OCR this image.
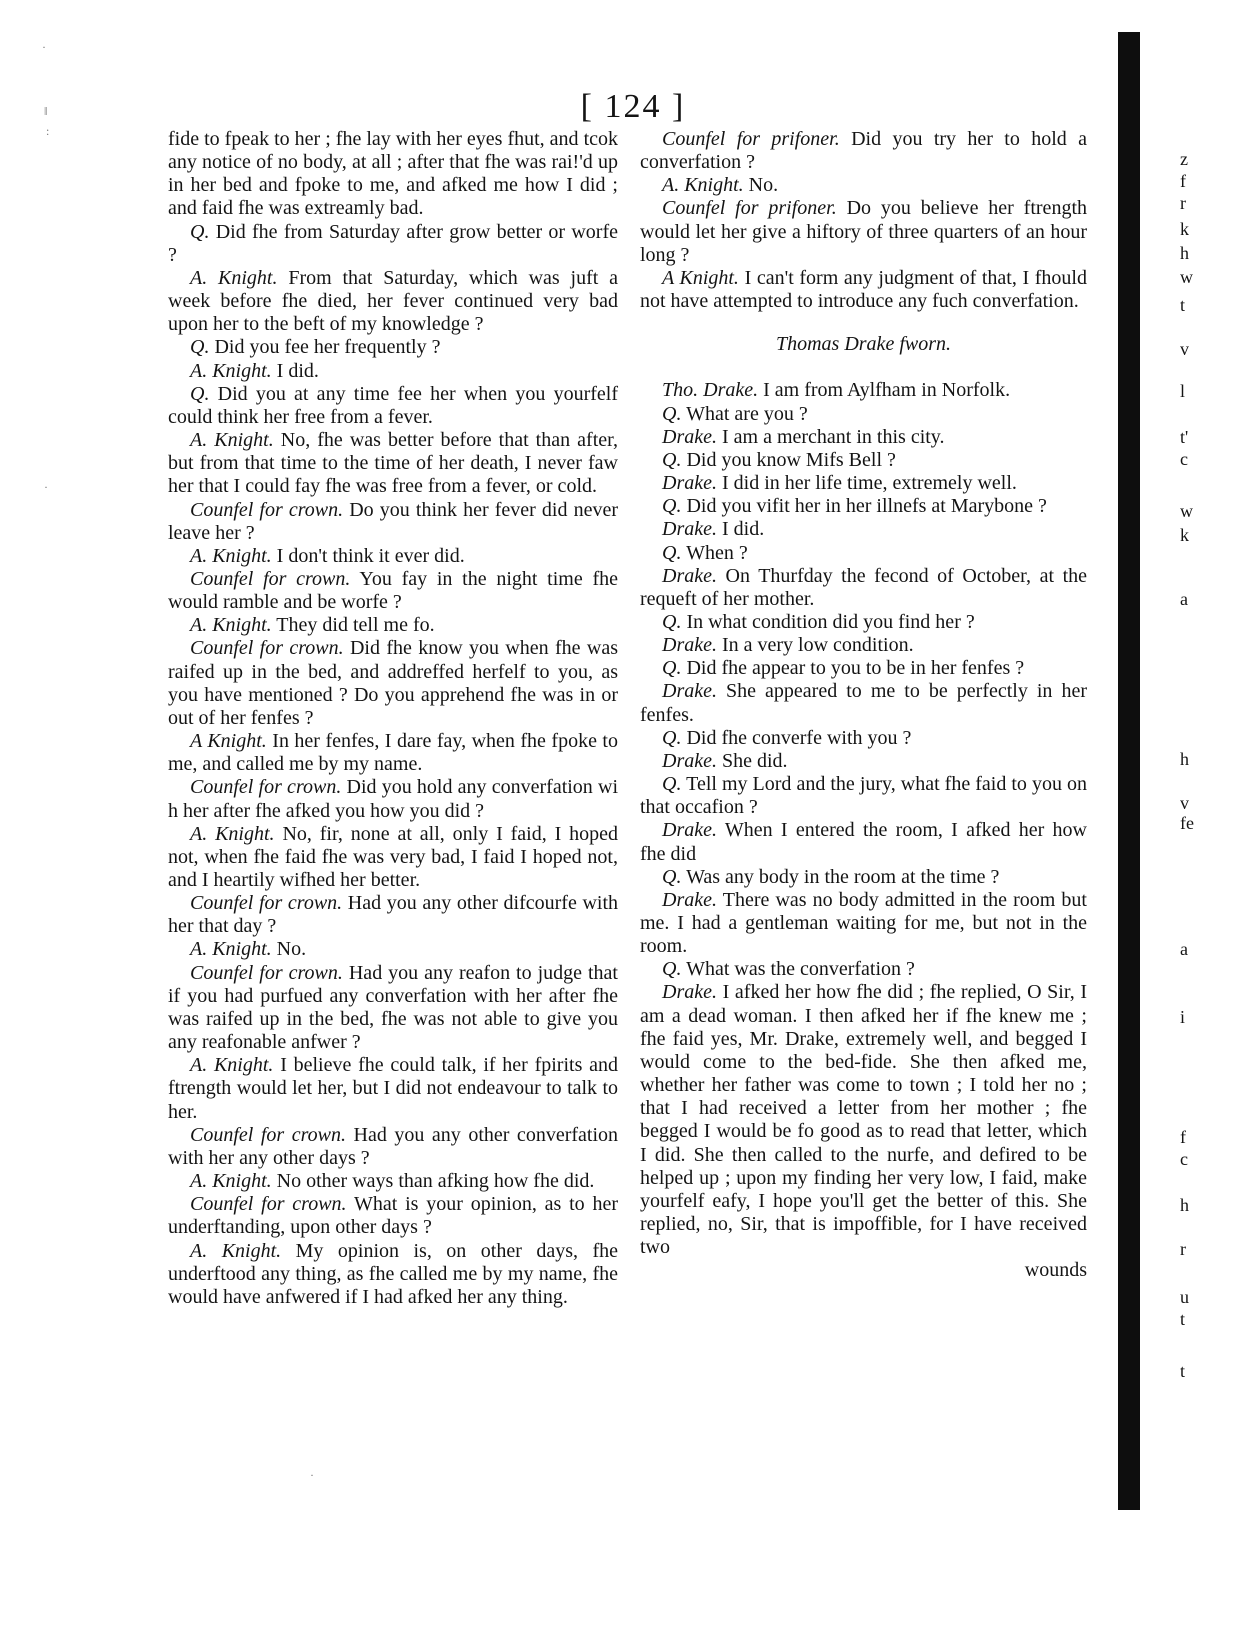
[ 124 ]

fide to fpeak to her ; fhe lay with her eyes fhut, and tcok any notice of no body, at all ; after that fhe was rai!'d up in her bed and fpoke to me, and afked me how I did ; and faid fhe was extreamly bad.

Q. Did fhe from Saturday after grow better or worfe ?

A. Knight. From that Saturday, which was juft a week before fhe died, her fever continued very bad upon her to the beft of my knowledge ?

Q. Did you fee her frequently ?

A. Knight. I did.

Q. Did you at any time fee her when you yourfelf could think her free from a fever.

A. Knight. No, fhe was better before that than after, but from that time to the time of her death, I never faw her that I could fay fhe was free from a fever, or cold.

Counfel for crown. Do you think her fever did never leave her ?

A. Knight. I don't think it ever did.

Counfel for crown. You fay in the night time fhe would ramble and be worfe ?

A. Knight. They did tell me fo.

Counfel for crown. Did fhe know you when fhe was raifed up in the bed, and addreffed herfelf to you, as you have mentioned ? Do you apprehend fhe was in or out of her fenfes ?

A Knight. In her fenfes, I dare fay, when fhe fpoke to me, and called me by my name.

Counfel for crown. Did you hold any converfation wi h her after fhe afked you how you did ?

A. Knight. No, fir, none at all, only I faid, I hoped not, when fhe faid fhe was very bad, I faid I hoped not, and I heartily wifhed her better.

Counfel for crown. Had you any other difcourfe with her that day ?

A. Knight. No.

Counfel for crown. Had you any reafon to judge that if you had purfued any converfation with her after fhe was raifed up in the bed, fhe was not able to give you any reafonable anfwer ?

A. Knight. I believe fhe could talk, if her fpirits and ftrength would let her, but I did not endeavour to talk to her.

Counfel for crown. Had you any other converfation with her any other days ?

A. Knight. No other ways than afking how fhe did.

Counfel for crown. What is your opinion, as to her underftanding, upon other days ?

A. Knight. My opinion is, on other days, fhe underftood any thing, as fhe called me by my name, fhe would have anfwered if I had afked her any thing.

Counfel for prifoner. Did you try her to hold a converfation ?

A. Knight. No.

Counfel for prifoner. Do you believe her ftrength would let her give a hiftory of three quarters of an hour long ?

A Knight. I can't form any judgment of that, I fhould not have attempted to introduce any fuch converfation.

Thomas Drake fworn.

Tho. Drake. I am from Aylfham in Norfolk.

Q. What are you ?

Drake. I am a merchant in this city.

Q. Did you know Mifs Bell ?

Drake. I did in her life time, extremely well.

Q. Did you vifit her in her illnefs at Marybone ?

Drake. I did.

Q. When ?

Drake. On Thurfday the fecond of October, at the requeft of her mother.

Q. In what condition did you find her ?

Drake. In a very low condition.

Q. Did fhe appear to you to be in her fenfes ?

Drake. She appeared to me to be perfectly in her fenfes.

Q. Did fhe converfe with you ?

Drake. She did.

Q. Tell my Lord and the jury, what fhe faid to you on that occafion ?

Drake. When I entered the room, I afked her how fhe did

Q. Was any body in the room at the time ?

Drake. There was no body admitted in the room but me. I had a gentleman waiting for me, but not in the room.

Q. What was the converfation ?

Drake. I afked her how fhe did ; fhe replied, O Sir, I am a dead woman. I then afked her if fhe knew me ; fhe faid yes, Mr. Drake, extremely well, and begged I would come to the bed-fide. She then afked me, whether her father was come to town ; I told her no ; that I had received a letter from her mother ; fhe begged I would be fo good as to read that letter, which I did. She then called to the nurfe, and defired to be helped up ; upon my finding her very low, I faid, make yourfelf eafy, I hope you'll get the better of this. She replied, no, Sir, that is impoffible, for I have received two

wounds

z
f
r
k
h
w
t
v
l
t'
c
w
k
a
h
v
fe
a
i
f
c
h
r
u
t
t
·
‖
:
·
·
